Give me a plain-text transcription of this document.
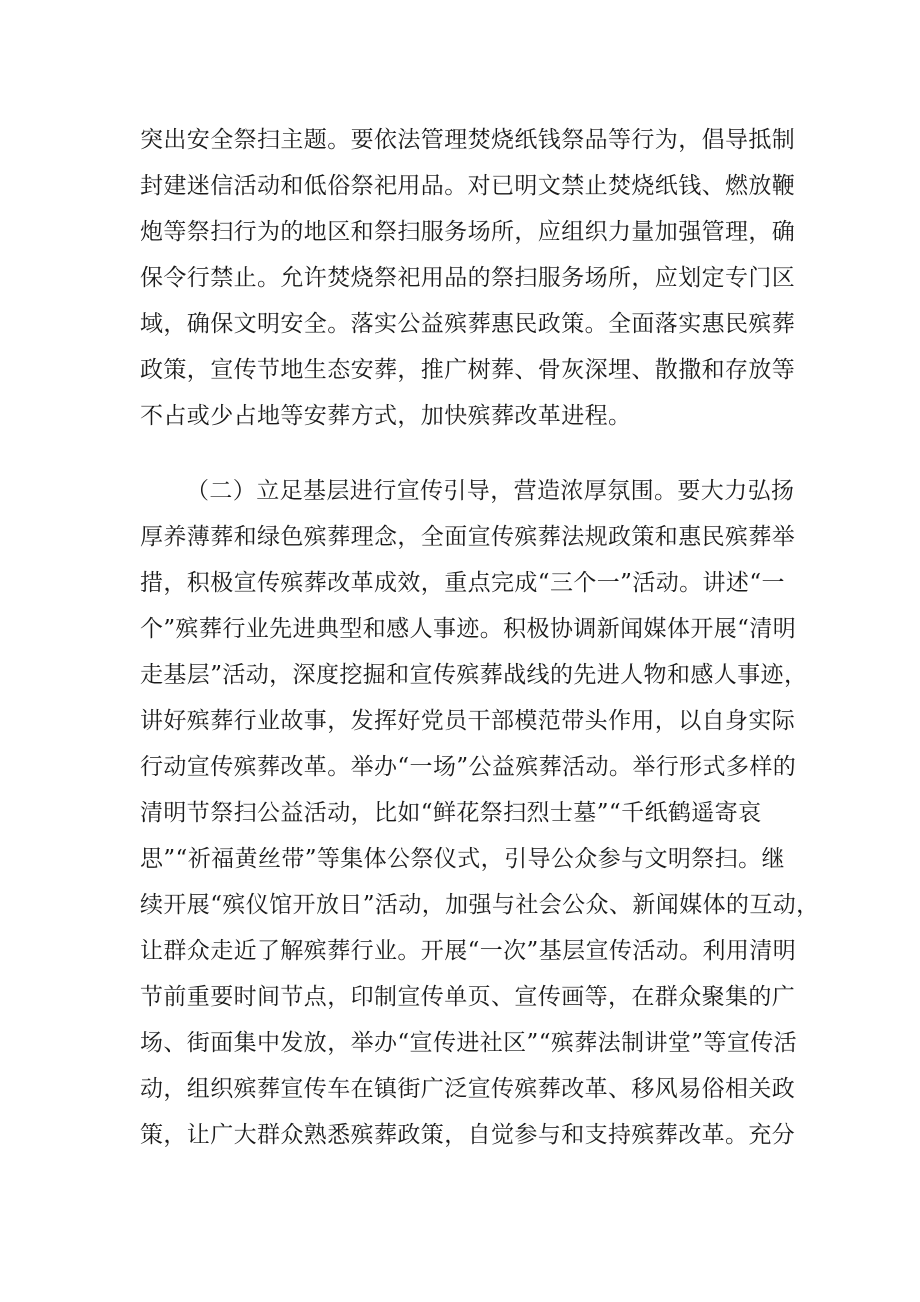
突出安全祭扫主题。要依法管理焚烧纸钱祭品等行为，倡导抵制
封建迷信活动和低俗祭祀用品。对已明文禁止焚烧纸钱、燃放鞭
炮等祭扫行为的地区和祭扫服务场所，应组织力量加强管理，确
保令行禁止。允许焚烧祭祀用品的祭扫服务场所，应划定专门区
域，确保文明安全。落实公益殡葬惠民政策。全面落实惠民殡葬
政策，宣传节地生态安葬，推广树葬、骨灰深埋、散撒和存放等
不占或少占地等安葬方式，加快殡葬改革进程。
（二）立足基层进行宣传引导，营造浓厚氛围。要大力弘扬
厚养薄葬和绿色殡葬理念，全面宣传殡葬法规政策和惠民殡葬举
措，积极宣传殡葬改革成效，重点完成“三个一”活动。讲述“一
个”殡葬行业先进典型和感人事迹。积极协调新闻媒体开展“清明
走基层”活动，深度挖掘和宣传殡葬战线的先进人物和感人事迹，
讲好殡葬行业故事，发挥好党员干部模范带头作用，以自身实际
行动宣传殡葬改革。举办“一场”公益殡葬活动。举行形式多样的
清明节祭扫公益活动，比如“鲜花祭扫烈士墓”“千纸鹤遥寄哀
思”“祈福黄丝带”等集体公祭仪式，引导公众参与文明祭扫。继
续开展“殡仪馆开放日”活动，加强与社会公众、新闻媒体的互动，
让群众走近了解殡葬行业。开展“一次”基层宣传活动。利用清明
节前重要时间节点，印制宣传单页、宣传画等，在群众聚集的广
场、街面集中发放，举办“宣传进社区”“殡葬法制讲堂”等宣传活
动，组织殡葬宣传车在镇街广泛宣传殡葬改革、移风易俗相关政
策，让广大群众熟悉殡葬政策，自觉参与和支持殡葬改革。充分
